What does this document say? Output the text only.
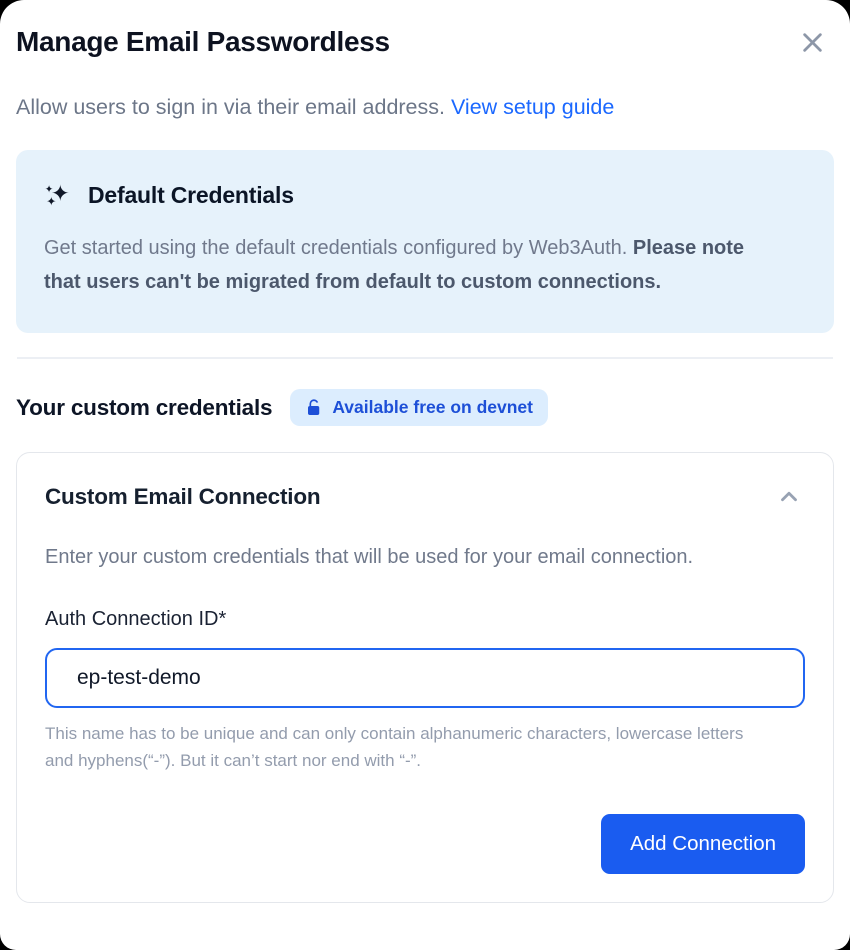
Manage Email Passwordless

Allow users to sign in via their email address. View setup guide

Default Credentials

Get started using the default credentials configured by Web3Auth. Please note that users can't be migrated from default to custom connections.

Your custom credentials	Available free on devnet
Custom Email Connection

Enter your custom credentials that will be used for your email connection.

Auth Connection ID*
ep-test-demo

This name has to be unique and can only contain alphanumeric characters, lowercase letters and hyphens(“-”). But it can’t start nor end with “-”.

Add Connection
